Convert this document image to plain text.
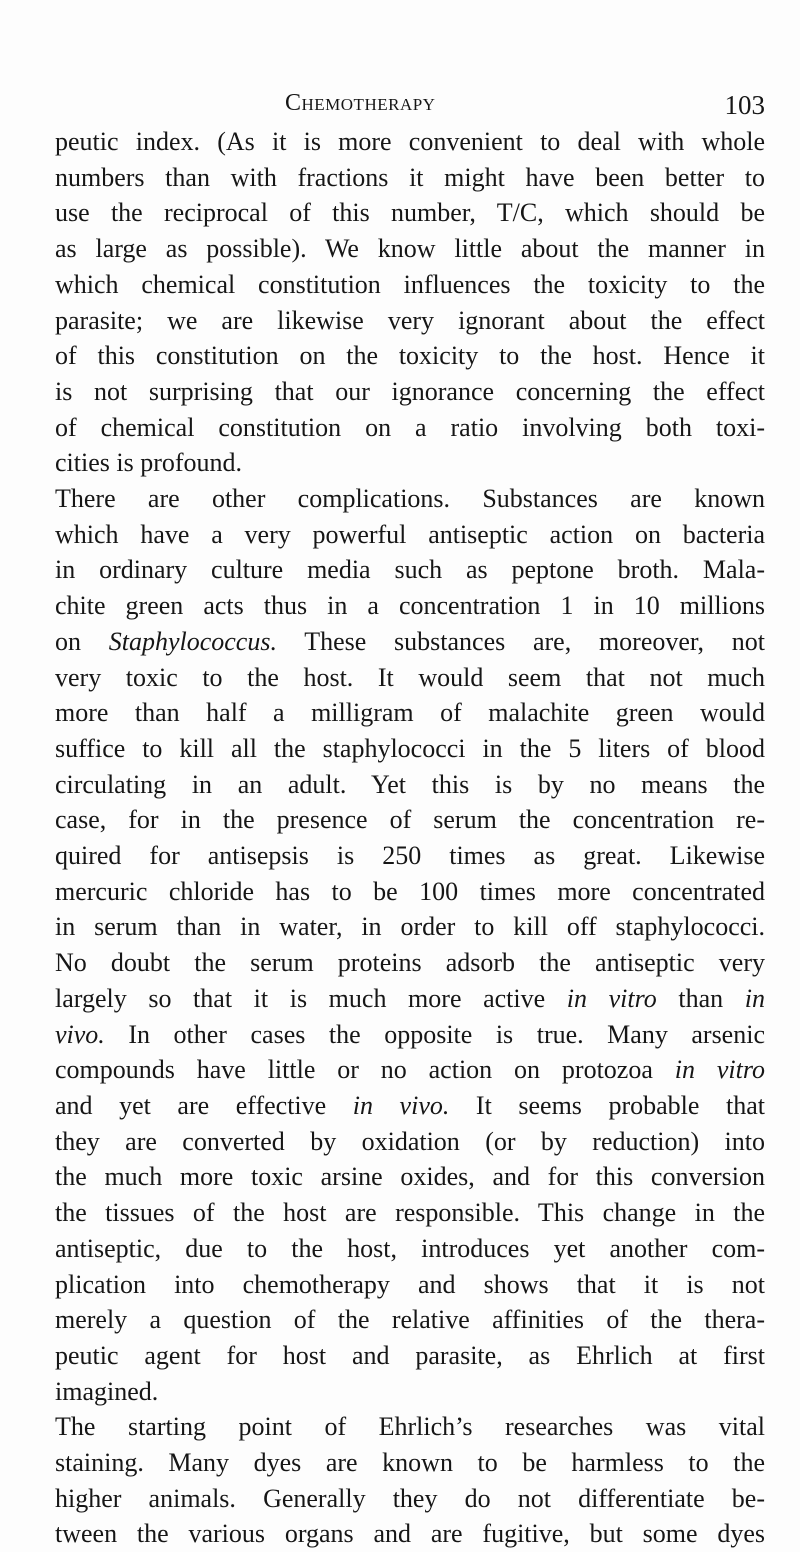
Chemotherapy	103
peutic index. (As it is more convenient to deal with whole
numbers than with fractions it might have been better to
use the reciprocal of this number, T/C, which should be
as large as possible). We know little about the manner in
which chemical constitution influences the toxicity to the
parasite; we are likewise very ignorant about the effect
of this constitution on the toxicity to the host. Hence it
is not surprising that our ignorance concerning the effect
of chemical constitution on a ratio involving both toxi-
cities is profound.
There are other complications. Substances are known
which have a very powerful antiseptic action on bacteria
in ordinary culture media such as peptone broth. Mala-
chite green acts thus in a concentration 1 in 10 millions
on Staphylococcus. These substances are, moreover, not
very toxic to the host. It would seem that not much
more than half a milligram of malachite green would
suffice to kill all the staphylococci in the 5 liters of blood
circulating in an adult. Yet this is by no means the
case, for in the presence of serum the concentration re-
quired for antisepsis is 250 times as great. Likewise
mercuric chloride has to be 100 times more concentrated
in serum than in water, in order to kill off staphylococci.
No doubt the serum proteins adsorb the antiseptic very
largely so that it is much more active in vitro than in
vivo. In other cases the opposite is true. Many arsenic
compounds have little or no action on protozoa in vitro
and yet are effective in vivo. It seems probable that
they are converted by oxidation (or by reduction) into
the much more toxic arsine oxides, and for this conversion
the tissues of the host are responsible. This change in the
antiseptic, due to the host, introduces yet another com-
plication into chemotherapy and shows that it is not
merely a question of the relative affinities of the thera-
peutic agent for host and parasite, as Ehrlich at first
imagined.
The starting point of Ehrlich’s researches was vital
staining. Many dyes are known to be harmless to the
higher animals. Generally they do not differentiate be-
tween the various organs and are fugitive, but some dyes
